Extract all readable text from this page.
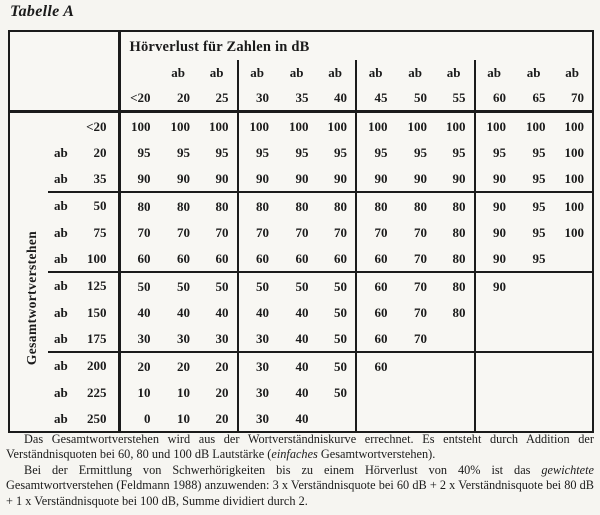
Tabelle A
Gesamtwortverstehen
	Hörverlust für Zahlen in dB											
		ab	ab	ab	ab	ab	ab	ab	ab	ab	ab	ab
	<20	20	25	30	35	40	45	50	55	60	65	70

<20	100	100	100	100	100	100	100	100	100	100	100	100

ab 20	95	95	95	95	95	95	95	95	95	95	95	100

ab 35	90	90	90	90	90	90	90	90	90	90	95	100

ab 50	80	80	80	80	80	80	80	80	80	90	95	100

ab 75	70	70	70	70	70	70	70	70	80	90	95	100

ab 100	60	60	60	60	60	60	60	70	80	90	95	

ab 125	50	50	50	50	50	50	60	70	80	90		

ab 150	40	40	40	40	40	50	60	70	80			

ab 175	30	30	30	30	40	50	60	70				

ab 200	20	20	20	30	40	50	60					

ab 225	10	10	20	30	40	50						

ab 250	0	10	20	30	40							

Das Gesamtwortverstehen wird aus der Wortverständniskurve errechnet. Es entsteht durch Addition der Verständnisquoten bei 60, 80 und 100 dB Lautstärke (einfaches Gesamtwortverstehen).

Bei der Ermittlung von Schwerhörigkeiten bis zu einem Hörverlust von 40% ist das gewichtete Gesamtwortverstehen (Feldmann 1988) anzuwenden: 3 x Verständnisquote bei 60 dB + 2 x Verständnisquote bei 80 dB + 1 x Verständnisquote bei 100 dB, Summe dividiert durch 2.
